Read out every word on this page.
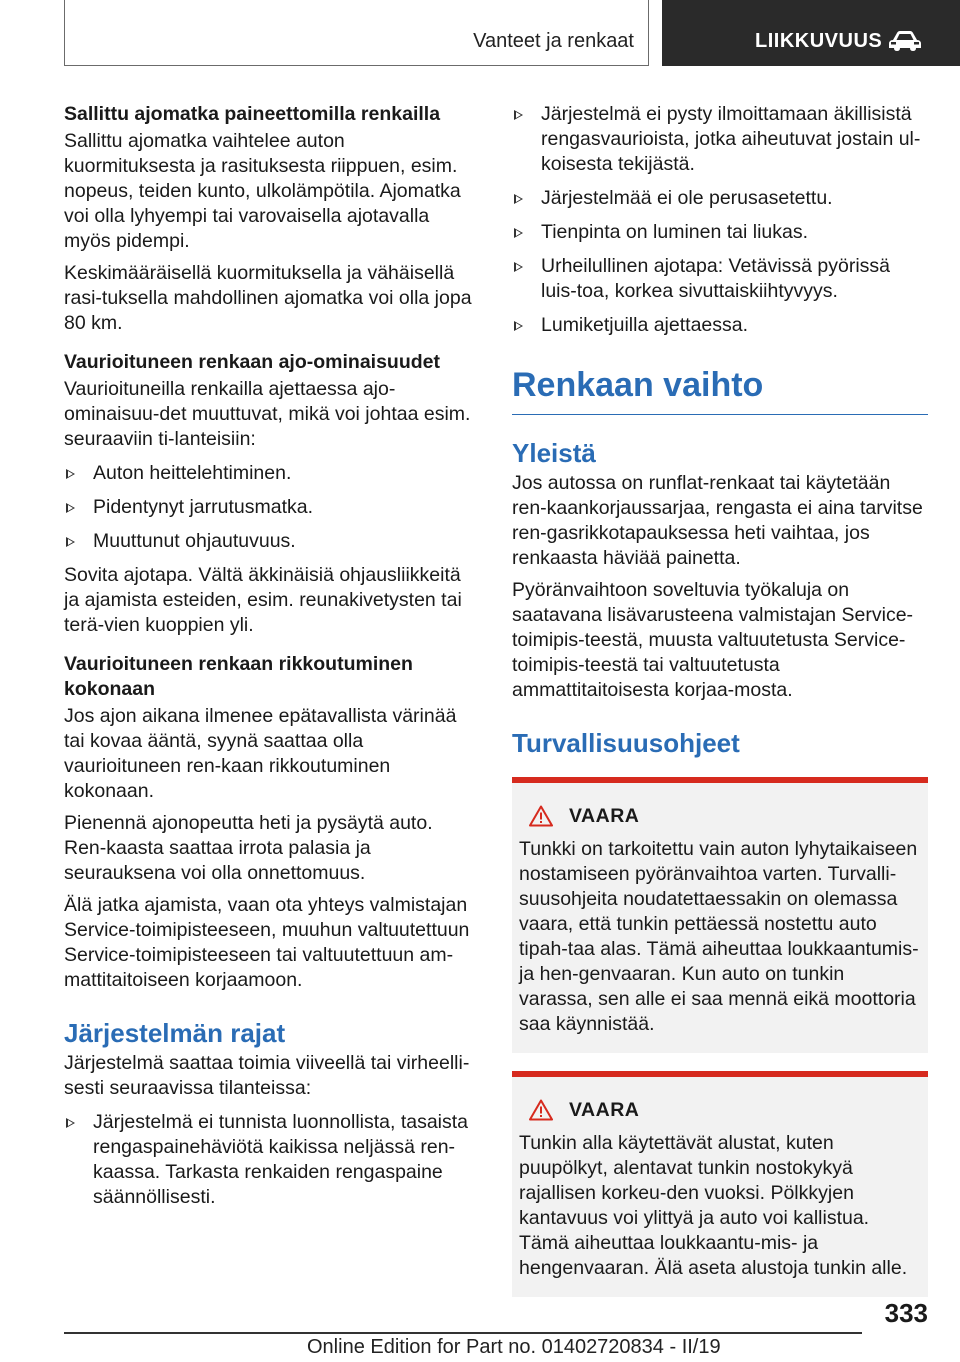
Vanteet ja renkaat	LIIKKUVUUS
Sallittu ajomatka paineettomilla renkailla

Sallittu ajomatka vaihtelee auton kuormituksesta ja rasituksesta riippuen, esim. nopeus, teiden kunto, ulkolämpötila. Ajomatka voi olla lyhyempi tai varovaisella ajotavalla myös pidempi.

Keskimääräisellä kuormituksella ja vähäisellä rasi-tuksella mahdollinen ajomatka voi olla jopa 80 km.

Vaurioituneen renkaan ajo-ominaisuudet

Vaurioituneilla renkailla ajettaessa ajo-ominaisuu-det muuttuvat, mikä voi johtaa esim. seuraaviin ti-lanteisiin:

Auton heittelehtiminen.
Pidentynyt jarrutusmatka.
Muuttunut ohjautuvuus.

Sovita ajotapa. Vältä äkkinäisiä ohjausliikkeitä ja ajamista esteiden, esim. reunakivetysten tai terä-vien kuoppien yli.

Vaurioituneen renkaan rikkoutuminen kokonaan

Jos ajon aikana ilmenee epätavallista värinää tai kovaa ääntä, syynä saattaa olla vaurioituneen ren-kaan rikkoutuminen kokonaan.

Pienennä ajonopeutta heti ja pysäytä auto. Ren-kaasta saattaa irrota palasia ja seurauksena voi olla onnettomuus.

Älä jatka ajamista, vaan ota yhteys valmistajan Service-toimipisteeseen, muuhun valtuutettuun Service-toimipisteeseen tai valtuutettuun am-mattitaitoiseen korjaamoon.

Järjestelmän rajat

Järjestelmä saattaa toimia viiveellä tai virheelli-sesti seuraavissa tilanteissa:

Järjestelmä ei tunnista luonnollista, tasaista rengaspainehäviötä kaikissa neljässä ren-kaassa. Tarkasta renkaiden rengaspaine säännöllisesti.
Järjestelmä ei pysty ilmoittamaan äkillisistä rengasvaurioista, jotka aiheutuvat jostain ul-koisesta tekijästä.
Järjestelmää ei ole perusasetettu.
Tienpinta on luminen tai liukas.
Urheilullinen ajotapa: Vetävissä pyörissä luis-toa, korkea sivuttaiskiihtyvyys.
Lumiketjuilla ajettaessa.
Renkaan vaihto
Yleistä

Jos autossa on runflat-renkaat tai käytetään ren-kaankorjaussarjaa, rengasta ei aina tarvitse ren-gasrikkotapauksessa heti vaihtaa, jos renkaasta häviää painetta.

Pyöränvaihtoon soveltuvia työkaluja on saatavana lisävarusteena valmistajan Service-toimipis-teestä, muusta valtuutetusta Service-toimipis-teestä tai valtuutetusta ammattitaitoisesta korjaa-mosta.

Turvallisuusohjeet
VAARA

Tunkki on tarkoitettu vain auton lyhytaikaiseen nostamiseen pyöränvaihtoa varten. Turvalli-suusohjeita noudatettaessakin on olemassa vaara, että tunkin pettäessä nostettu auto tipah-taa alas. Tämä aiheuttaa loukkaantumis- ja hen-genvaaran. Kun auto on tunkin varassa, sen alle ei saa mennä eikä moottoria saa käynnistää.

VAARA

Tunkin alla käytettävät alustat, kuten puupölkyt, alentavat tunkin nostokykyä rajallisen korkeu-den vuoksi. Pölkkyjen kantavuus voi ylittyä ja auto voi kallistua. Tämä aiheuttaa loukkaantu-mis- ja hengenvaaran. Älä aseta alustoja tunkin alle.

333
Online Edition for Part no. 01402720834 - II/19
